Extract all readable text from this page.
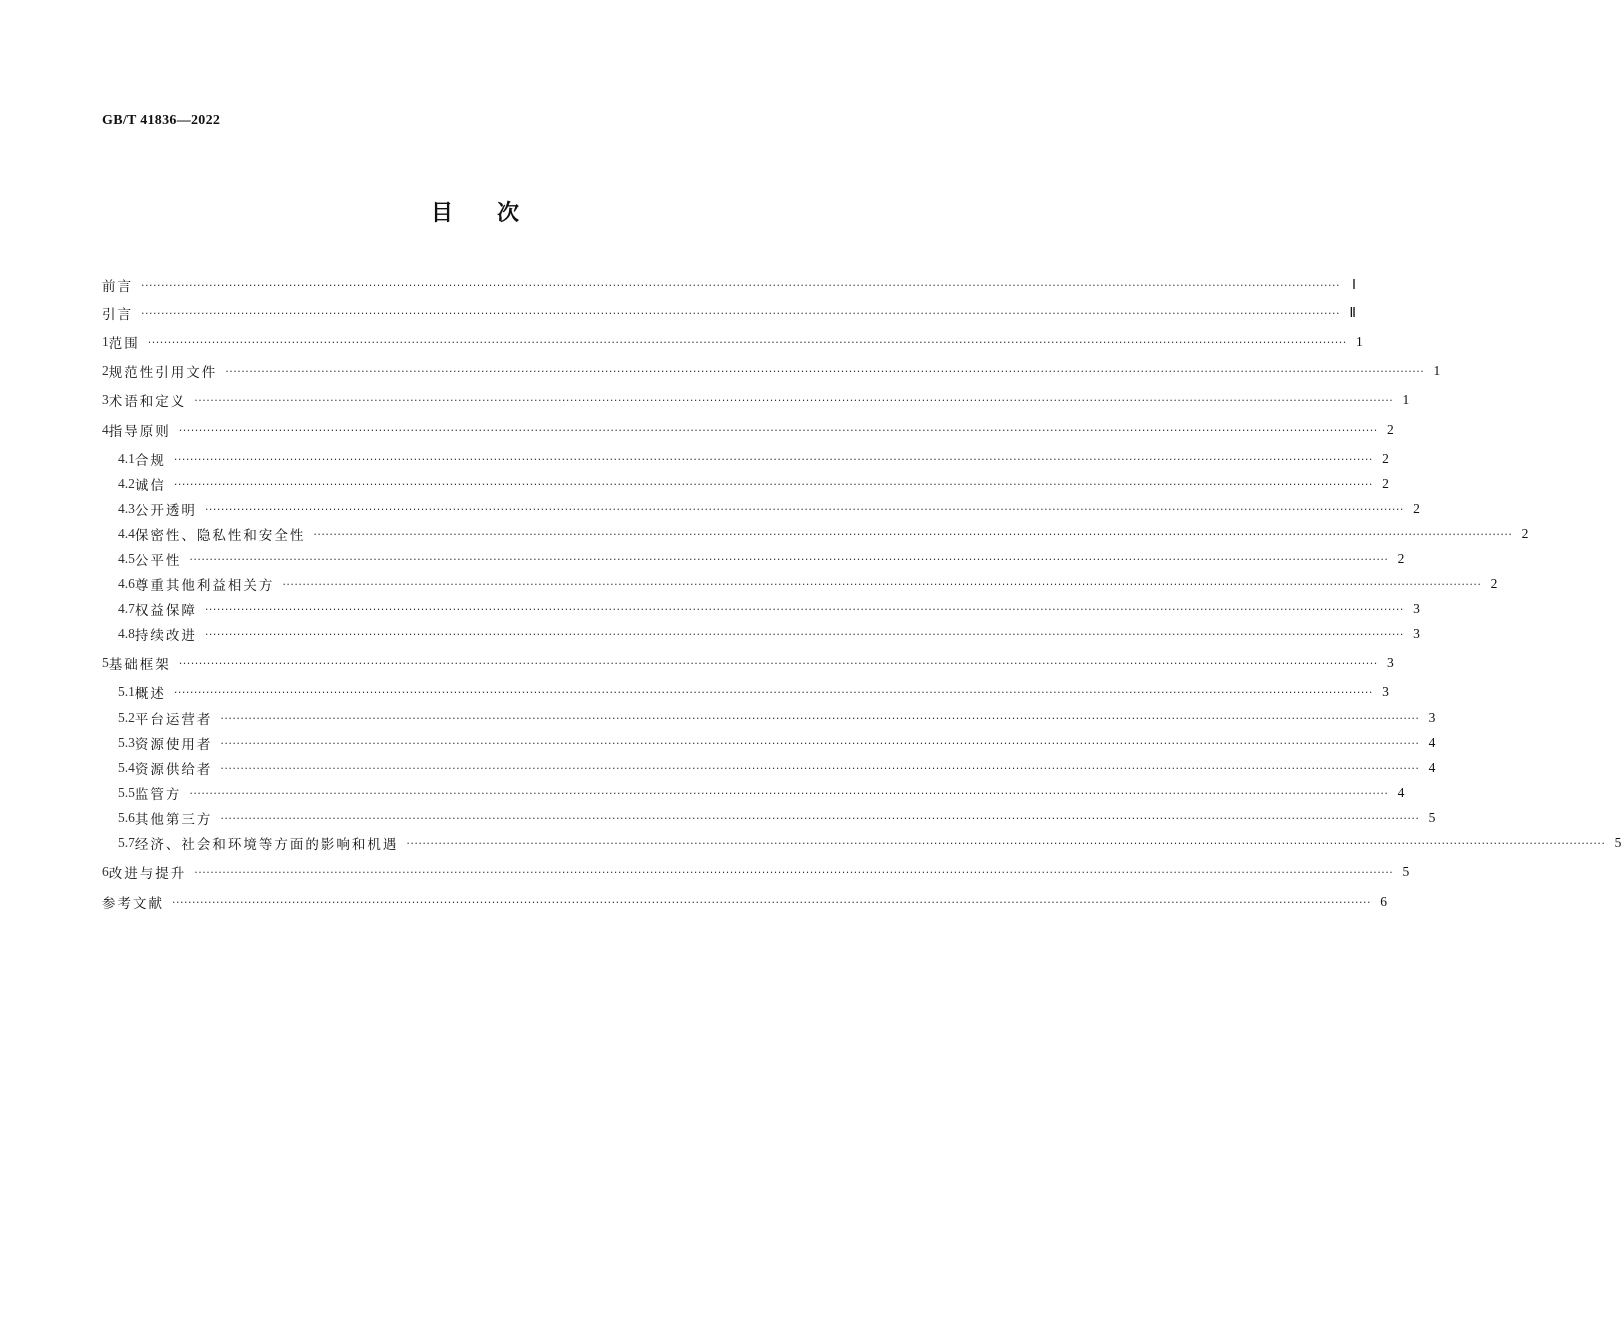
GB/T 41836—2022
目 次
前言 ············································································································································································································································································································ Ⅰ
引言 ············································································································································································································································································································ Ⅱ
1 范围 ············································································································································································································································································································ 1
2 规范性引用文件 ············································································································································································································································································································ 1
3 术语和定义 ············································································································································································································································································································ 1
4 指导原则 ············································································································································································································································································································ 2
4.1 合规 ············································································································································································································································································································ 2
4.2 诚信 ············································································································································································································································································································ 2
4.3 公开透明 ············································································································································································································································································································ 2
4.4 保密性、隐私性和安全性 ············································································································································································································································································································ 2
4.5 公平性 ············································································································································································································································································································ 2
4.6 尊重其他利益相关方 ············································································································································································································································································································ 2
4.7 权益保障 ············································································································································································································································································································ 3
4.8 持续改进 ············································································································································································································································································································ 3
5 基础框架 ············································································································································································································································································································ 3
5.1 概述 ············································································································································································································································································································ 3
5.2 平台运营者 ············································································································································································································································································································ 3
5.3 资源使用者 ············································································································································································································································································································ 4
5.4 资源供给者 ············································································································································································································································································································ 4
5.5 监管方 ············································································································································································································································································································ 4
5.6 其他第三方 ············································································································································································································································································································ 5
5.7 经济、社会和环境等方面的影响和机遇 ············································································································································································································································································································ 5
6 改进与提升 ············································································································································································································································································································ 5
参考文献 ············································································································································································································································································································ 6
